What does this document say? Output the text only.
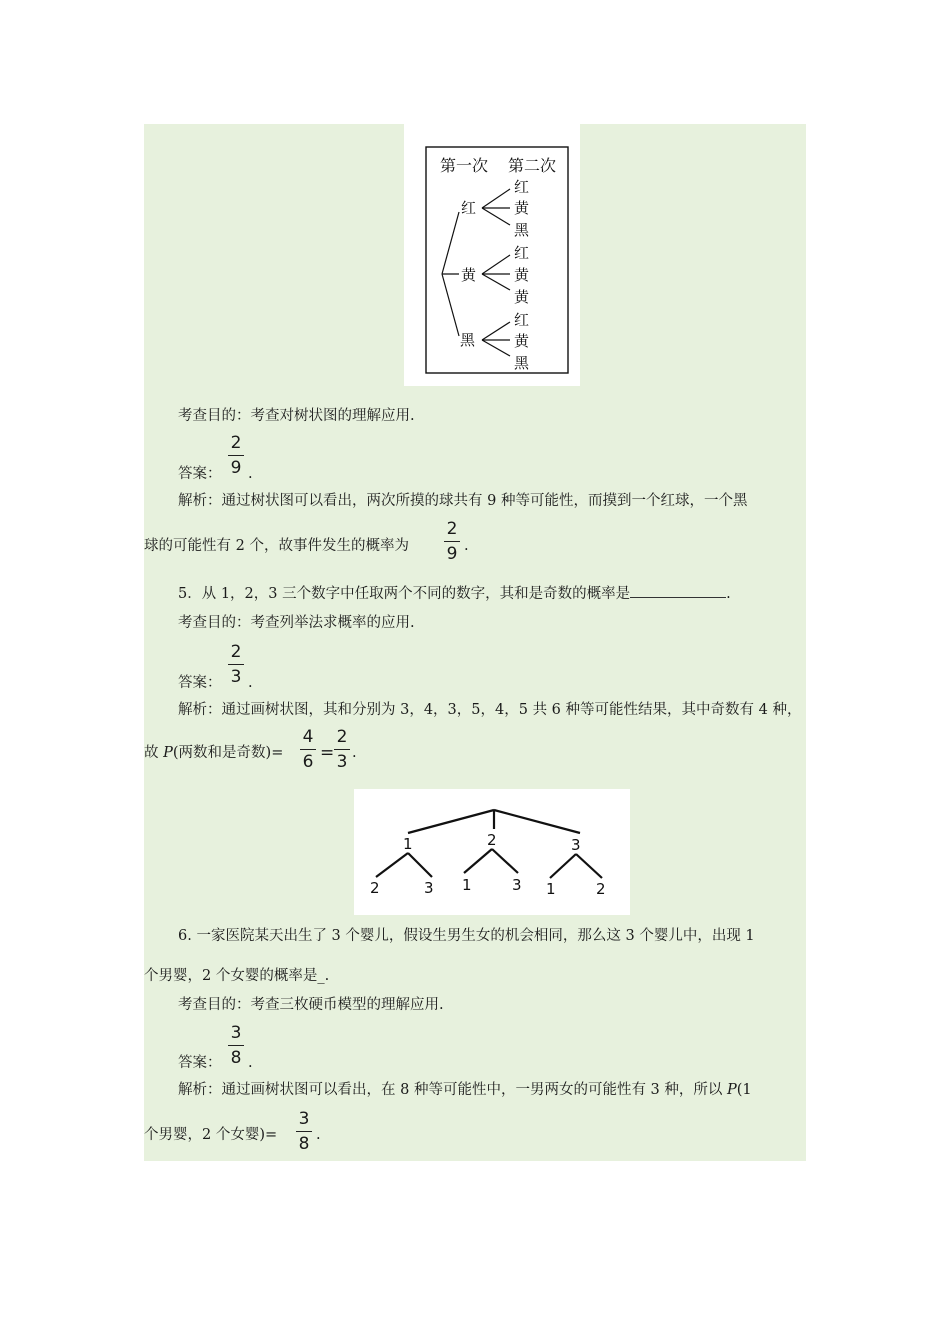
第一次 第二次
红
黄
黑
红
黄
黑
红
黄
黄
红
黄
黑
考查目的：考查对树状图的理解应用.
2
9
答案： .
解析：通过树状图可以看出，两次所摸的球共有 9 种等可能性，而摸到一个红球，一个黑
球的可能性有 2 个，故事件发生的概率为
2
9 .
5．从 1，2，3 三个数字中任取两个不同的数字，其和是奇数的概率是	.
考查目的：考查列举法求概率的应用.
2
3
答案： .
解析：通过画树状图，其和分别为 3，4，3，5，4，5 共 6 种等可能性结果，其中奇数有 4 种，
故 P(两数和是奇数)=
4
6 =
2
3 .
1	2	3
2	3 1	3 1	2
6. 一家医院某天出生了 3 个婴儿，假设生男生女的机会相同，那么这 3 个婴儿中，出现 1
个男婴，2 个女婴的概率是_.
考查目的：考查三枚硬币模型的理解应用.
3
8
答案： .
解析：通过画树状图可以看出，在 8 种等可能性中，一男两女的可能性有 3 种，所以 P(1
个男婴，2 个女婴)=
3
8 .
